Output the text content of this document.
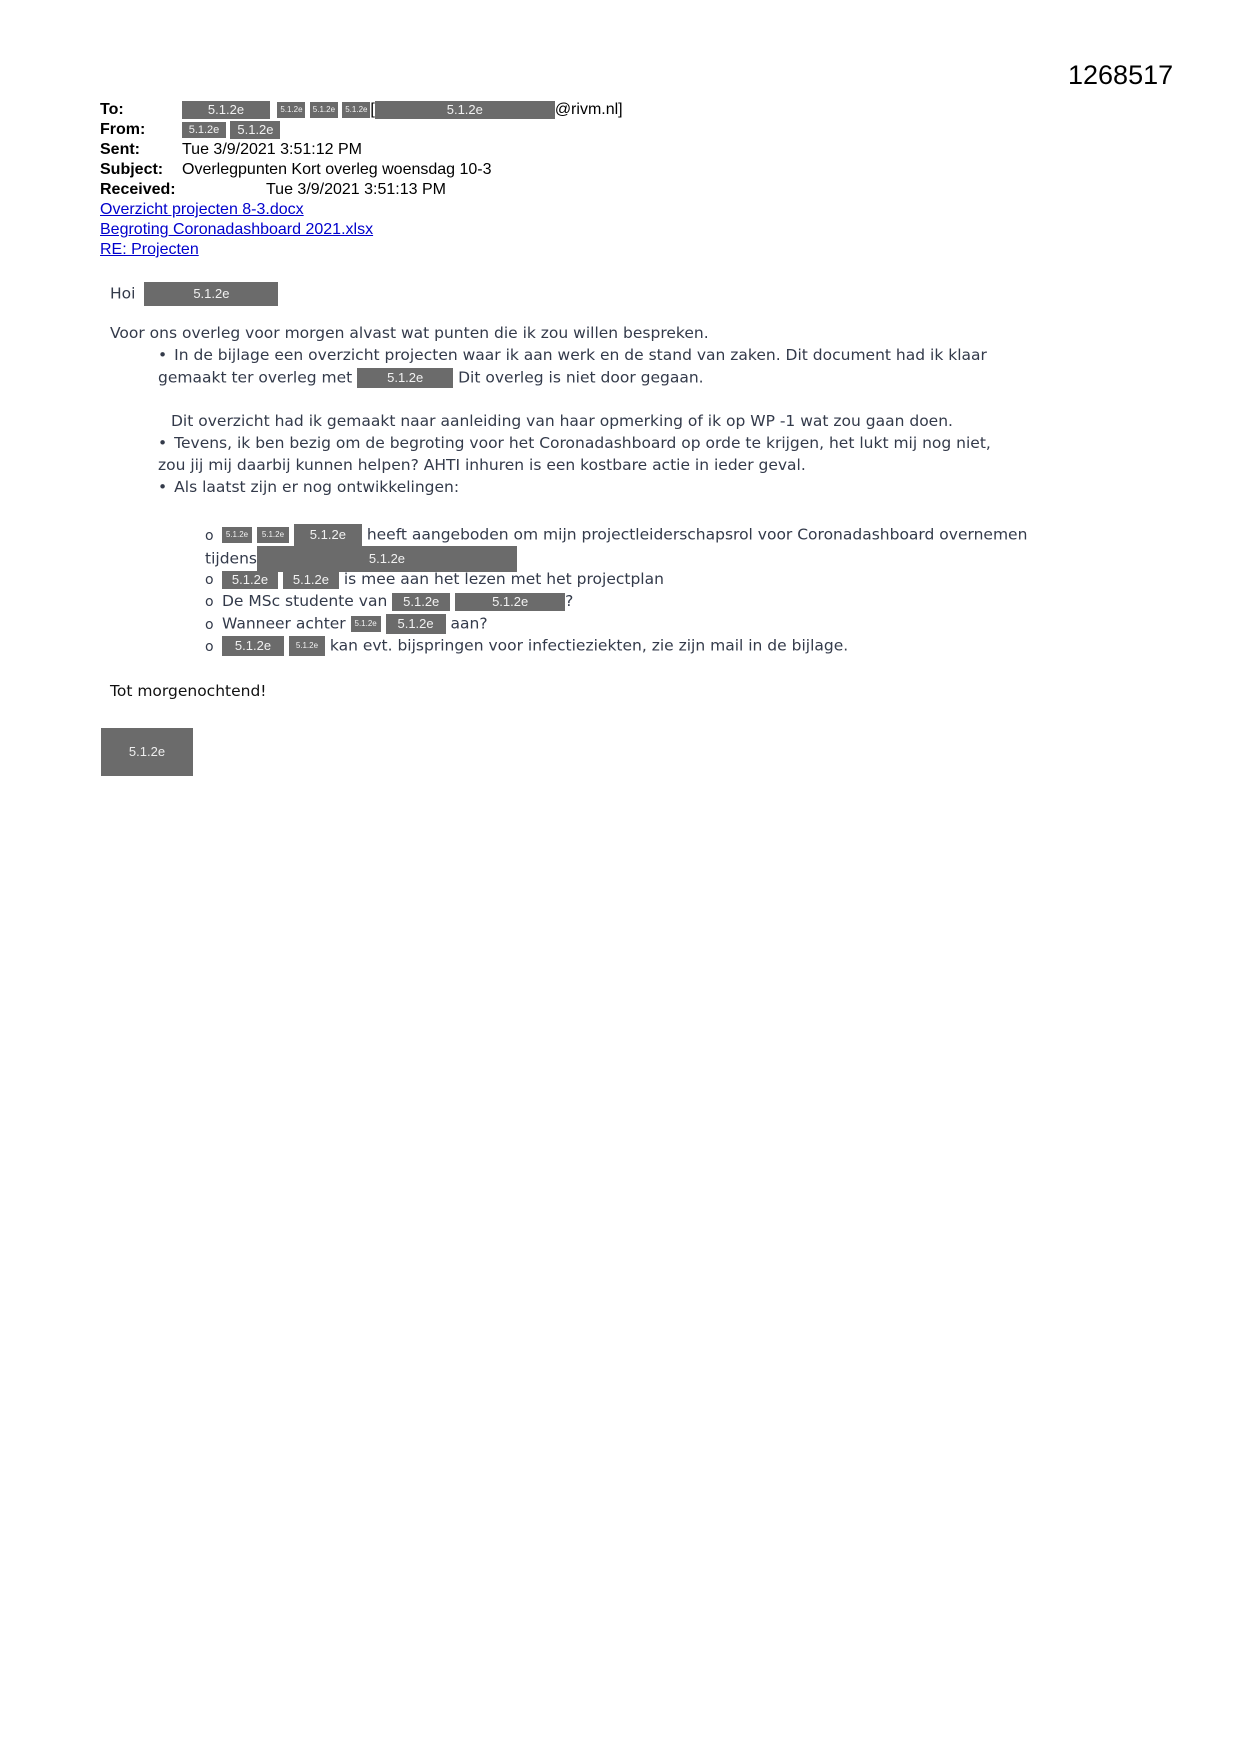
1268517
To:	5.1.2e	5.1.2e 5.1.2e 5.1.2e [	5.1.2e	@rivm.nl]
From:	5.1.2e 5.1.2e
Sent:	Tue 3/9/2021 3:51:12 PM
Subject: Overlegpunten Kort overleg woensdag 10-3
Received:	Tue 3/9/2021 3:51:13 PM
Overzicht projecten 8-3.docx
Begroting Coronadashboard 2021.xlsx
RE: Projecten
Hoi	5.1.2e
Voor ons overleg voor morgen alvast wat punten die ik zou willen bespreken.
• In de bijlage een overzicht projecten waar ik aan werk en de stand van zaken. Dit document had ik klaar
gemaakt ter overleg met	5.1.2e Dit overleg is niet door gegaan.
Dit overzicht had ik gemaakt naar aanleiding van haar opmerking of ik op WP -1 wat zou gaan doen.
• Tevens, ik ben bezig om de begroting voor het Coronadashboard op orde te krijgen, het lukt mij nog niet,
zou jij mij daarbij kunnen helpen? AHTI inhuren is een kostbare actie in ieder geval.
• Als laatst zijn er nog ontwikkelingen:
o 5.1.2e 5.1.2e 5.1.2e heeft aangeboden om mijn projectleiderschapsrol voor Coronadashboard overnemen
tijdens	5.1.2e
o 5.1.2e 5.1.2e is mee aan het lezen met het projectplan
o De MSc studente van 5.1.2e	5.1.2e ?
o Wanneer achter 5.1.2e 5.1.2e aan?
o 5.1.2e	5.1.2e kan evt. bijspringen voor infectieziekten, zie zijn mail in de bijlage.
Tot morgenochtend!
5.1.2e
